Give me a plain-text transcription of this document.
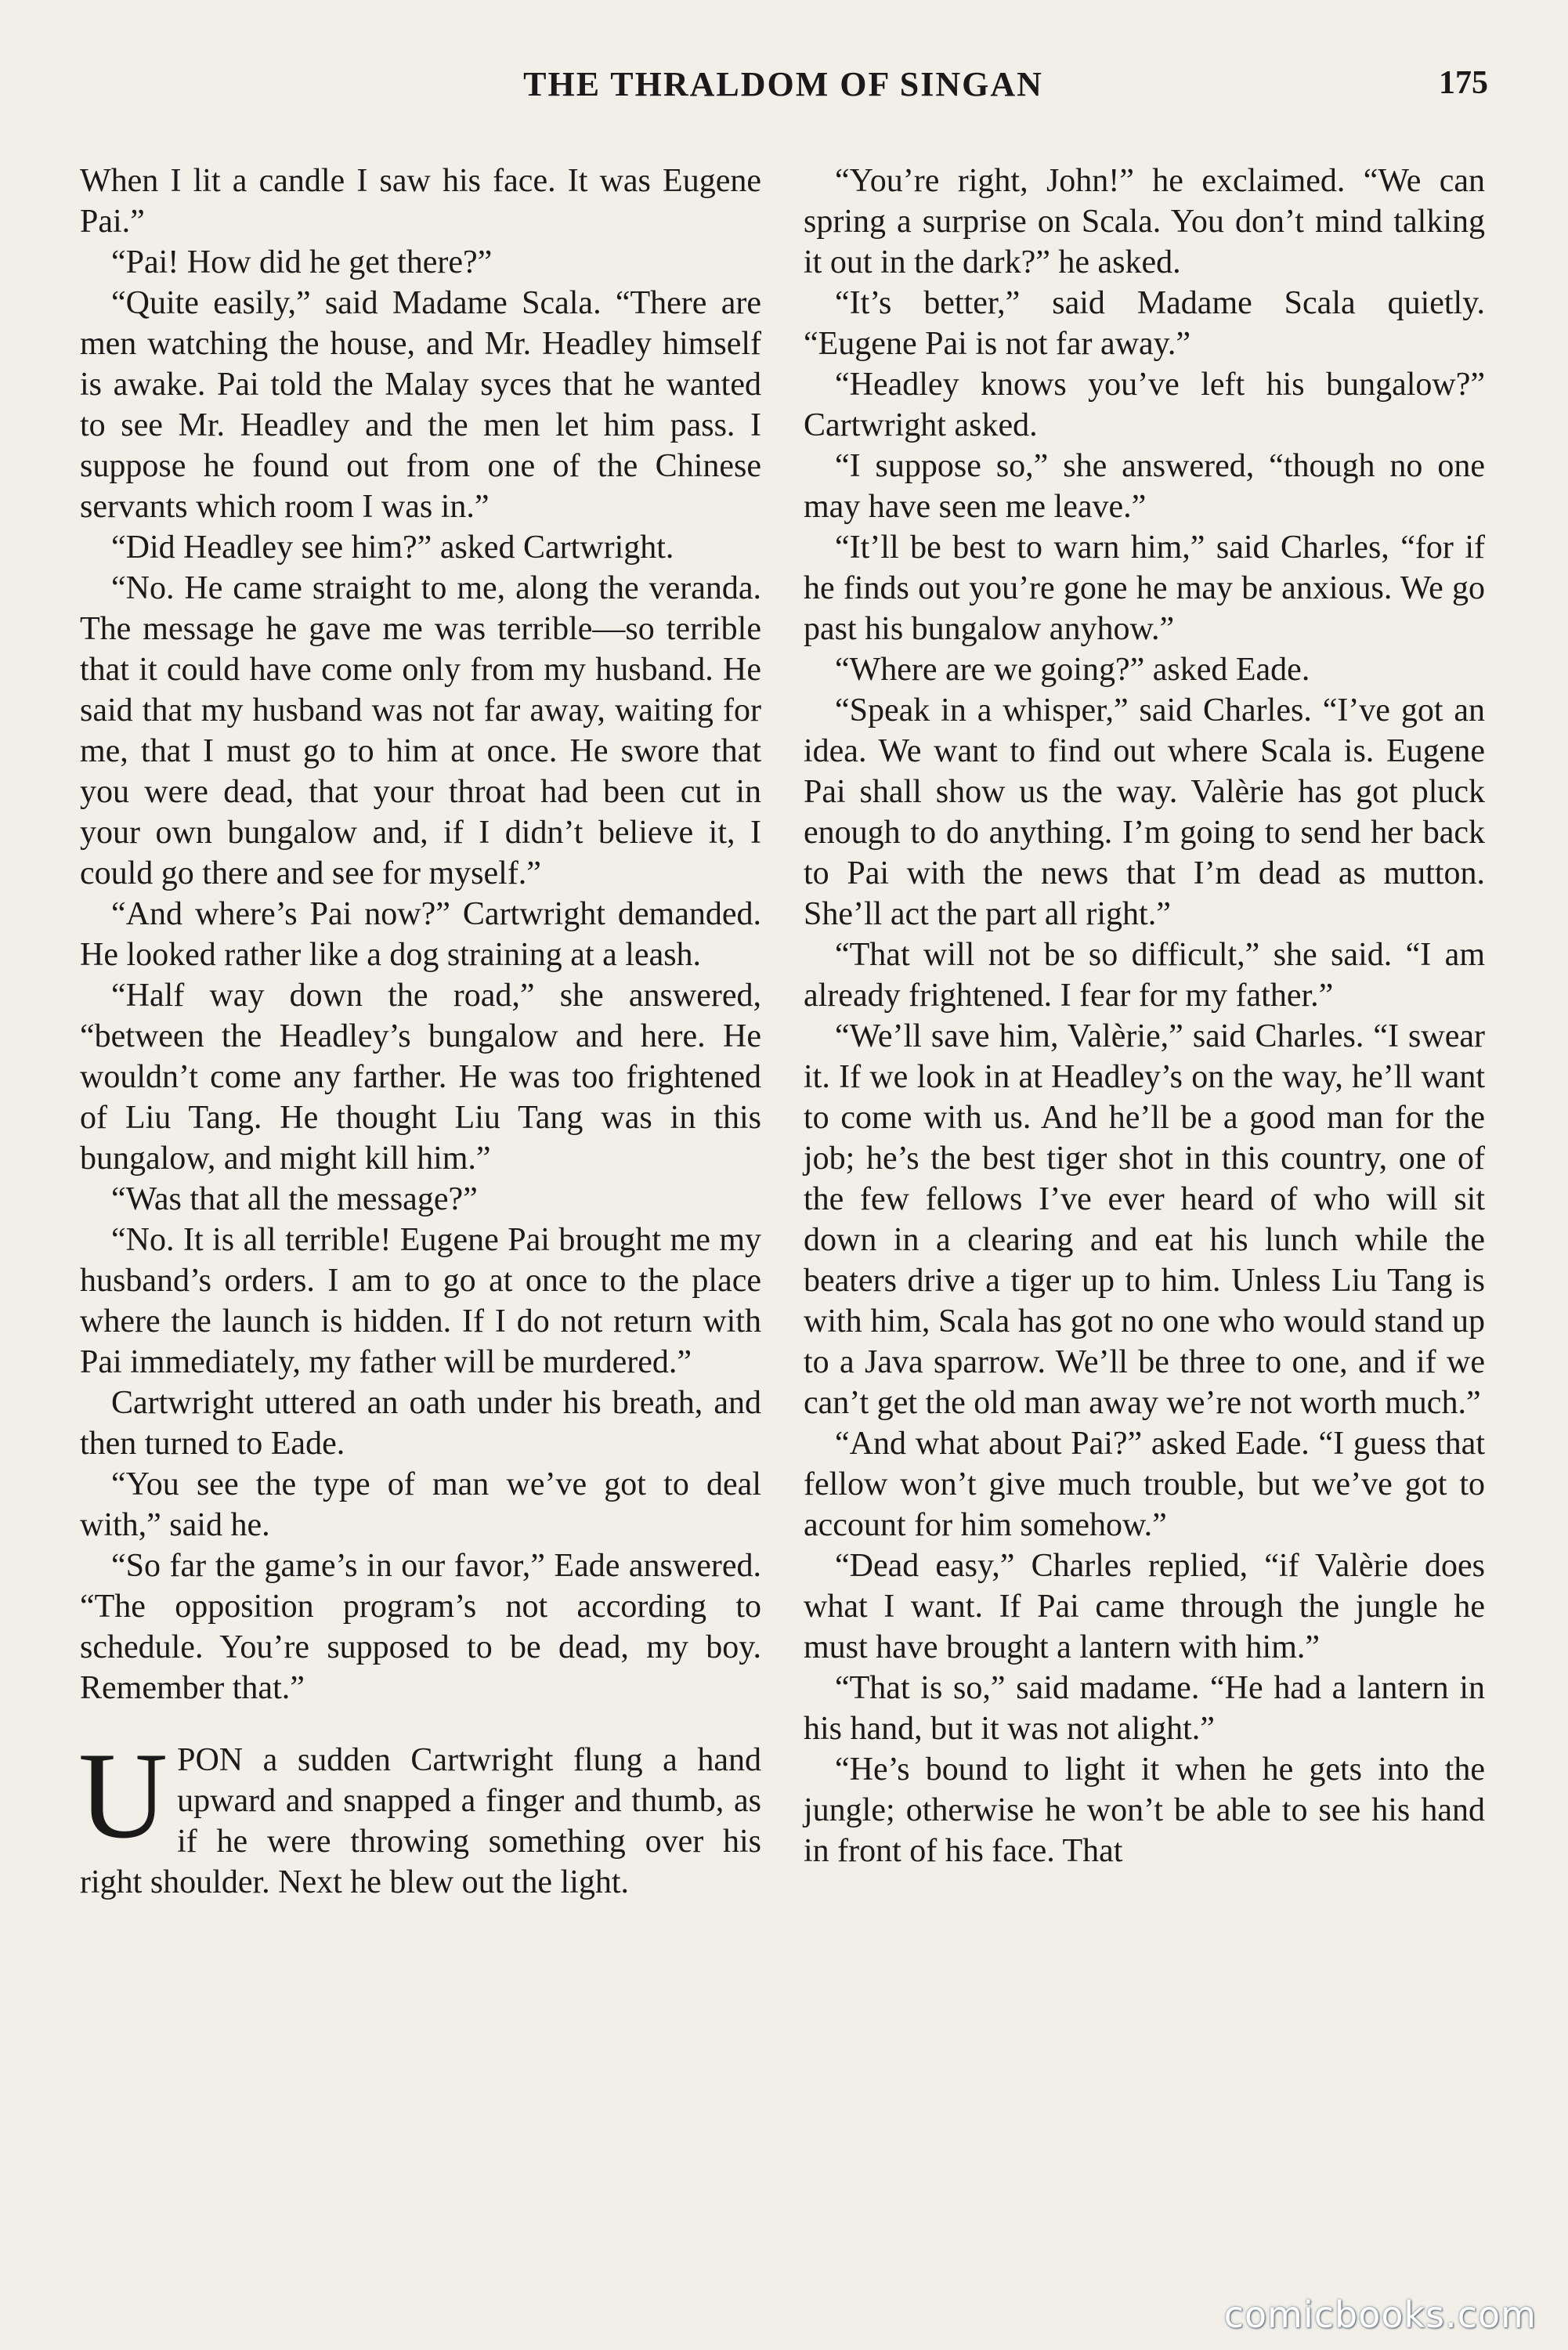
THE THRALDOM OF SINGAN	175

When I lit a candle I saw his face. It was Eugene Pai.”

“Pai! How did he get there?”

“Quite easily,” said Madame Scala. “There are men watching the house, and Mr. Headley himself is awake. Pai told the Malay syces that he wanted to see Mr. Headley and the men let him pass. I suppose he found out from one of the Chinese servants which room I was in.”

“Did Headley see him?” asked Cartwright.

“No. He came straight to me, along the veranda. The message he gave me was terrible—so terrible that it could have come only from my husband. He said that my husband was not far away, waiting for me, that I must go to him at once. He swore that you were dead, that your throat had been cut in your own bungalow and, if I didn’t believe it, I could go there and see for myself.”

“And where’s Pai now?” Cartwright demanded. He looked rather like a dog straining at a leash.

“Half way down the road,” she answered, “between the Headley’s bungalow and here. He wouldn’t come any farther. He was too frightened of Liu Tang. He thought Liu Tang was in this bungalow, and might kill him.”

“Was that all the message?”

“No. It is all terrible! Eugene Pai brought me my husband’s orders. I am to go at once to the place where the launch is hidden. If I do not return with Pai immediately, my father will be murdered.”

Cartwright uttered an oath under his breath, and then turned to Eade.

“You see the type of man we’ve got to deal with,” said he.

“So far the game’s in our favor,” Eade answered. “The opposition program’s not according to schedule. You’re supposed to be dead, my boy. Remember that.”

UPON a sudden Cartwright flung a hand upward and snapped a finger and thumb, as if he were throwing something over his right shoulder. Next he blew out the light.

“You’re right, John!” he exclaimed. “We can spring a surprise on Scala. You don’t mind talking it out in the dark?” he asked.

“It’s better,” said Madame Scala quietly. “Eugene Pai is not far away.”

“Headley knows you’ve left his bungalow?” Cartwright asked.

“I suppose so,” she answered, “though no one may have seen me leave.”

“It’ll be best to warn him,” said Charles, “for if he finds out you’re gone he may be anxious. We go past his bungalow anyhow.”

“Where are we going?” asked Eade.

“Speak in a whisper,” said Charles. “I’ve got an idea. We want to find out where Scala is. Eugene Pai shall show us the way. Valèrie has got pluck enough to do anything. I’m going to send her back to Pai with the news that I’m dead as mutton. She’ll act the part all right.”

“That will not be so difficult,” she said. “I am already frightened. I fear for my father.”

“We’ll save him, Valèrie,” said Charles. “I swear it. If we look in at Headley’s on the way, he’ll want to come with us. And he’ll be a good man for the job; he’s the best tiger shot in this country, one of the few fellows I’ve ever heard of who will sit down in a clearing and eat his lunch while the beaters drive a tiger up to him. Unless Liu Tang is with him, Scala has got no one who would stand up to a Java sparrow. We’ll be three to one, and if we can’t get the old man away we’re not worth much.”

“And what about Pai?” asked Eade. “I guess that fellow won’t give much trouble, but we’ve got to account for him somehow.”

“Dead easy,” Charles replied, “if Valèrie does what I want. If Pai came through the jungle he must have brought a lantern with him.”

“That is so,” said madame. “He had a lantern in his hand, but it was not alight.”

“He’s bound to light it when he gets into the jungle; otherwise he won’t be able to see his hand in front of his face. That

comicbooks.com
